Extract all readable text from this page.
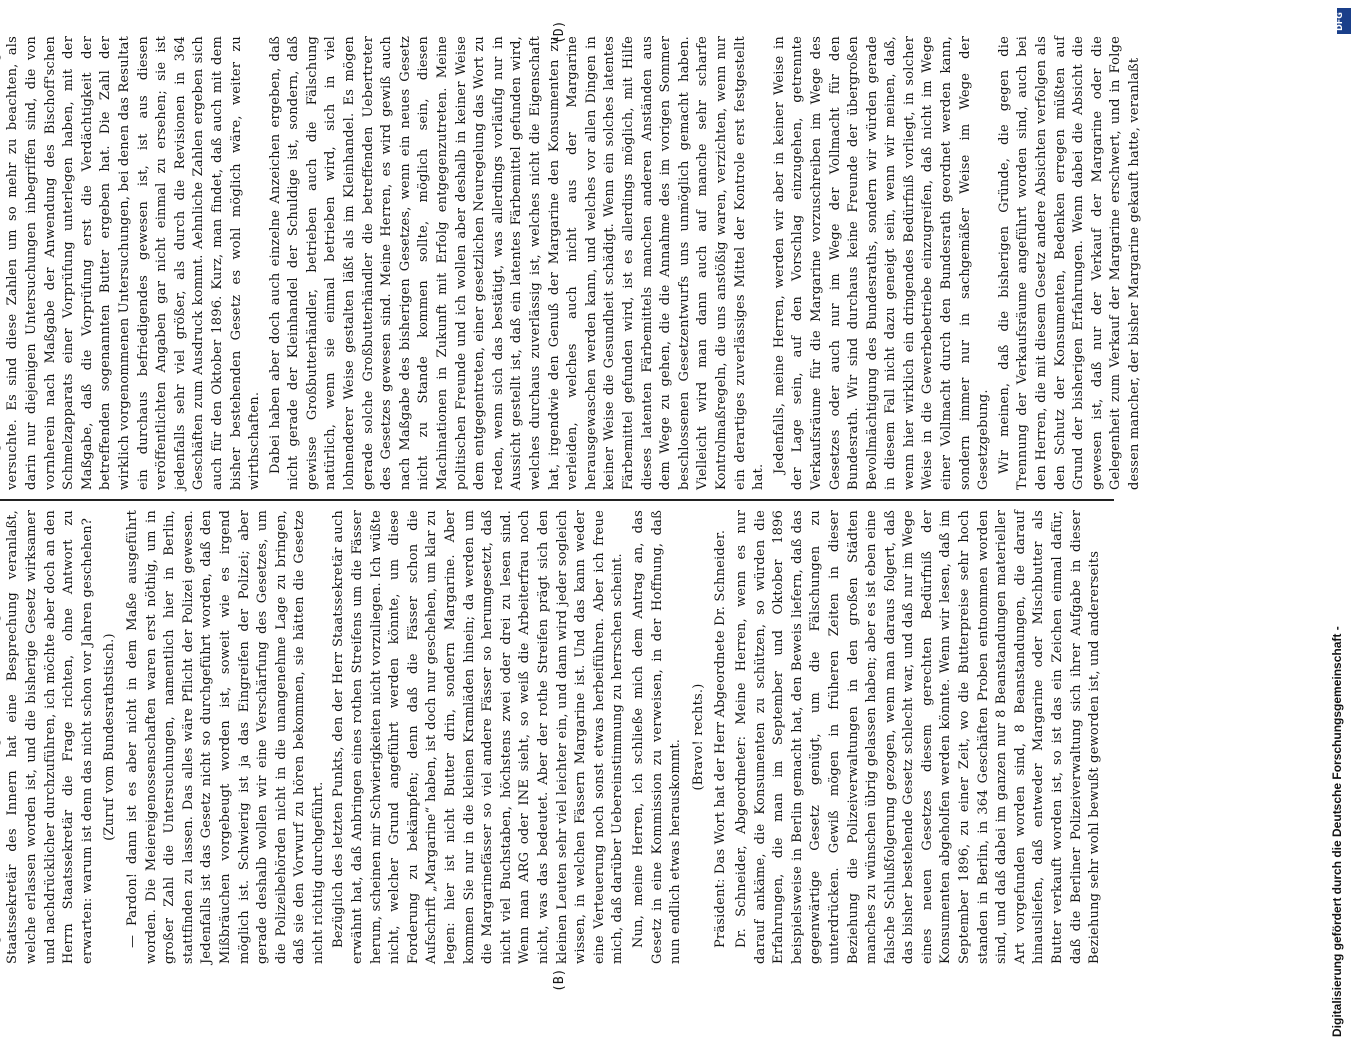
(B)
(D)

Staatssekretär des Innern hat eine Besprechung veranlaßt, welche erlassen worden ist, und die bisherige Gesetz wirksamer und nachdrücklicher durchzuführen, ich möchte aber doch an den Herrn Staatssekretär die Frage richten, ohne Antwort zu erwarten: warum ist denn das nicht schon vor Jahren geschehen?

(Zuruf vom Bundesrathstisch.) — Pardon! dann ist es aber nicht in dem Maße ausgeführt worden. Die Meiereigenossenschaften waren erst nöthig, um in großer Zahl die Untersuchungen, namentlich hier in Berlin, stattfinden zu lassen. Das alles wäre Pflicht der Polizei gewesen. Jedenfalls ist das Gesetz nicht so durchgeführt worden, daß den Mißbräuchen vorgebeugt worden ist, soweit wie es irgend möglich ist. Schwierig ist ja das Eingreifen der Polizei; aber gerade deshalb wollen wir eine Verschärfung des Gesetzes, um die Polizeibehörden nicht in die unangenehme Lage zu bringen, daß sie den Vorwurf zu hören bekommen, sie hätten die Gesetze nicht richtig durchgeführt. Bezüglich des letzten Punkts, den der Herr Staatssekretär auch erwähnt hat, daß Anbringen eines rothen Streifens um die Fässer herum, scheinen mir Schwierigkeiten nicht vorzuliegen. Ich wüßte nicht, welcher Grund angeführt werden könnte, um diese Forderung zu bekämpfen; denn daß die Fässer schon die Aufschrift „Margarine“ haben, ist doch nur geschehen, um klar zu legen: hier ist nicht Butter drin, sondern Margarine. Aber kommen Sie nur in die kleinen Kramläden hinein; da werden um die Margarinefässer so viel andere Fässer so herumgesetzt, daß nicht viel Buchstaben, höchstens zwei oder drei zu lesen sind. Wenn man ARG oder INE sieht, so weiß die Arbeiterfrau noch nicht, was das bedeutet. Aber der rothe Streifen prägt sich den kleinen Leuten sehr viel leichter ein, und dann wird jeder sogleich wissen, in welchen Fässern Margarine ist. Und das kann weder eine Verteuerung noch sonst etwas herbeiführen. Aber ich freue mich, daß darüber Uebereinstimmung zu herrschen scheint. Nun, meine Herren, ich schließe mich dem Antrag an, das Gesetz in eine Kommission zu verweisen, in der Hoffnung, daß nun endlich etwas herauskommt.

(Bravo! rechts.) Präsident: Das Wort hat der Herr Abgeordnete Dr. Schneider. Dr. Schneider, Abgeordneter: Meine Herren, wenn es nur darauf ankäme, die Konsumenten zu schützen, so würden die Erfahrungen, die man im September und Oktober 1896 beispielsweise in Berlin gemacht hat, den Beweis liefern, daß das gegenwärtige Gesetz genügt, um die Fälschungen zu unterdrücken. Gewiß mögen in früheren Zeiten in dieser Beziehung die Polizeiverwaltungen in den großen Städten manches zu wünschen übrig gelassen haben; aber es ist eben eine falsche Schlußfolgerung gezogen, wenn man daraus folgert, daß das bisher bestehende Gesetz schlecht war, und daß nur im Wege eines neuen Gesetzes diesem gerechten Bedürfniß der Konsumenten abgeholfen werden könnte. Wenn wir lesen, daß im September 1896, zu einer Zeit, wo die Butterpreise sehr hoch standen in Berlin, in 364 Geschäften Proben entnommen worden sind, und daß dabei im ganzen nur 8 Beanstandungen materieller Art vorgefunden worden sind, 8 Beanstandungen, die darauf hinausliefen, daß entweder Margarine oder Mischbutter als Butter verkauft worden ist, so ist das ein Zeichen einmal dafür, daß die Berliner Polizeiverwaltung sich ihrer Aufgabe in dieser Beziehung sehr wohl bewußt geworden ist, und andererseits

versuchte. Es sind diese Zahlen um so mehr zu beachten, als darin nur diejenigen Untersuchungen inbegriffen sind, die von vornherein nach Maßgabe der Anwendung des Bischoff'schen Schmelzapparats einer Vorprüfung unterlegen haben, mit der Maßgabe, daß die Vorprüfung erst die Verdächtigkeit der betreffenden sogenannten Butter ergeben hat. Die Zahl der wirklich vorgenommenen Untersuchungen, bei denen das Resultat ein durchaus befriedigendes gewesen ist, ist aus diesen veröffentlichten Angaben gar nicht einmal zu ersehen; sie ist jedenfalls sehr viel größer, als durch die Revisionen in 364 Geschäften zum Ausdruck kommt. Aehnliche Zahlen ergeben sich auch für den Oktober 1896. Kurz, man findet, daß auch mit dem bisher bestehenden Gesetz es wohl möglich wäre, weiter zu wirthschaften. Dabei haben aber doch auch einzelne Anzeichen ergeben, daß nicht gerade der Kleinhandel der Schuldige ist, sondern, daß gewisse Großbutterhändler, betrieben auch die Fälschung natürlich, wenn sie einmal betrieben wird, sich in viel lohnenderer Weise gestalten läßt als im Kleinhandel. Es mögen gerade solche Großbutterhändler die betreffenden Uebertreter des Gesetzes gewesen sind. Meine Herren, es wird gewiß auch nach Maßgabe des bisherigen Gesetzes, wenn ein neues Gesetz nicht zu Stande kommen sollte, möglich sein, diesen Machinationen in Zukunft mit Erfolg entgegenzutreten. Meine politischen Freunde und ich wollen aber deshalb in keiner Weise dem entgegentreten, einer gesetzlichen Neuregelung das Wort zu reden, wenn sich das bestätigt, was allerdings vorläufig nur in Aussicht gestellt ist, daß ein latentes Färbemittel gefunden wird, welches durchaus zuverlässig ist, welches nicht die Eigenschaft hat, irgendwie den Genuß der Margarine den Konsumenten zu verleiden, welches auch nicht aus der Margarine herausgewaschen werden kann, und welches vor allen Dingen in keiner Weise die Gesundheit schädigt. Wenn ein solches latentes Färbemittel gefunden wird, ist es allerdings möglich, mit Hilfe dieses latenten Färbemittels manchen anderen Anständen aus dem Wege zu gehen, die die Annahme des im vorigen Sommer beschlossenen Gesetzentwurfs uns unmöglich gemacht haben. Vielleicht wird man dann auch auf manche sehr scharfe Kontrolmaßregeln, die uns anstößig waren, verzichten, wenn nur ein derartiges zuverlässiges Mittel der Kontrole erst festgestellt hat.

Jedenfalls, meine Herren, werden wir aber in keiner Weise in der Lage sein, auf den Vorschlag einzugehen, getrennte Verkaufsräume für die Margarine vorzuschreiben im Wege des Gesetzes oder auch nur im Wege der Vollmacht für den Bundesrath. Wir sind durchaus keine Freunde der übergroßen Bevollmächtigung des Bundesraths, sondern wir würden gerade in diesem Fall nicht dazu geneigt sein, wenn wir meinen, daß, wenn hier wirklich ein dringendes Bedürfniß vorliegt, in solcher Weise in die Gewerbebetriebe einzugreifen, daß nicht im Wege einer Vollmacht durch den Bundesrath geordnet werden kann, sondern immer nur in sachgemäßer Weise im Wege der Gesetzgebung. Wir meinen, daß die bisherigen Gründe, die gegen die Trennung der Verkaufsräume angeführt worden sind, auch bei den Herren, die mit diesem Gesetz andere Absichten verfolgen als den Schutz der Konsumenten, Bedenken erregen müßten auf Grund der bisherigen Erfahrungen. Wenn dabei die Absicht die gewesen ist, daß nur der Verkauf der Margarine oder die Gelegenheit zum Verkauf der Margarine erschwert, und in Folge dessen mancher, der bisher Margarine gekauft hatte, veranlaßt

Digitalisierung gefördert durch die Deutsche Forschungsgemeinschaft -
DFG
